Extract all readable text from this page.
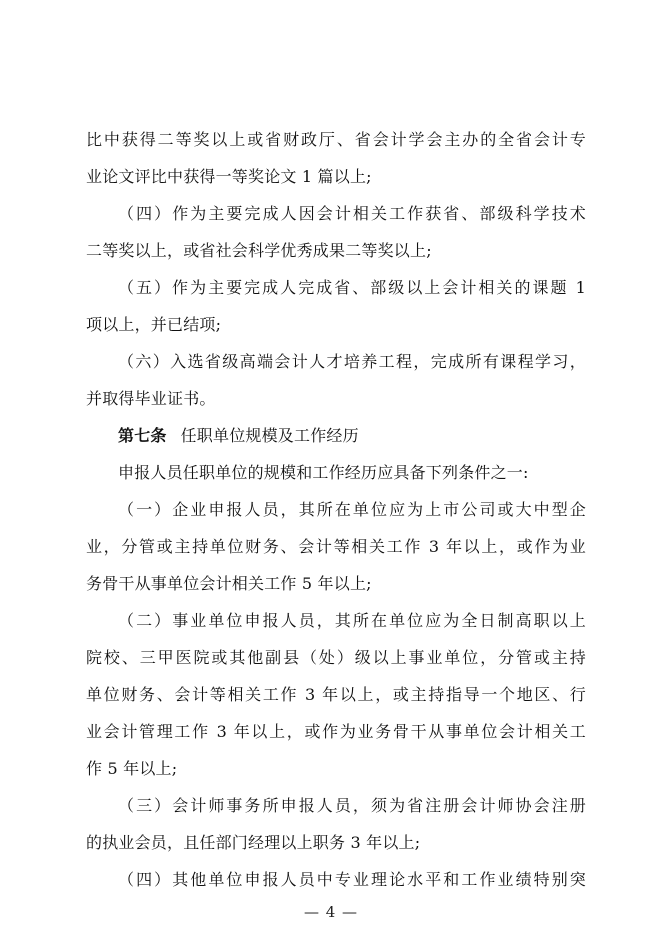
比中获得二等奖以上或省财政厅、省会计学会主办的全省会计专
业论文评比中获得一等奖论文 1 篇以上;
（四）作为主要完成人因会计相关工作获省、部级科学技术
二等奖以上，或省社会科学优秀成果二等奖以上;
（五）作为主要完成人完成省、部级以上会计相关的课题 1
项以上，并已结项;
（六）入选省级高端会计人才培养工程，完成所有课程学习，
并取得毕业证书。
第七条 任职单位规模及工作经历
申报人员任职单位的规模和工作经历应具备下列条件之一:
（一）企业申报人员，其所在单位应为上市公司或大中型企
业，分管或主持单位财务、会计等相关工作 3 年以上，或作为业
务骨干从事单位会计相关工作 5 年以上;
（二）事业单位申报人员，其所在单位应为全日制高职以上
院校、三甲医院或其他副县（处）级以上事业单位，分管或主持
单位财务、会计等相关工作 3 年以上，或主持指导一个地区、行
业会计管理工作 3 年以上，或作为业务骨干从事单位会计相关工
作 5 年以上;
（三）会计师事务所申报人员，须为省注册会计师协会注册
的执业会员，且任部门经理以上职务 3 年以上;
（四）其他单位申报人员中专业理论水平和工作业绩特别突
— 4 —
